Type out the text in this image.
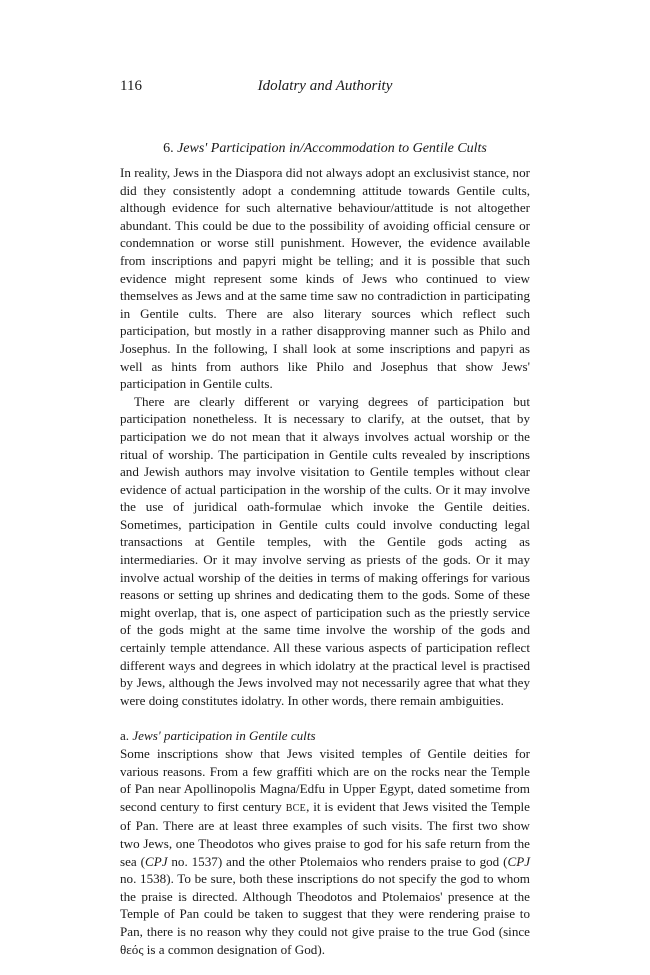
116	Idolatry and Authority
6. Jews' Participation in/Accommodation to Gentile Cults

In reality, Jews in the Diaspora did not always adopt an exclusivist stance, nor did they consistently adopt a condemning attitude towards Gentile cults, although evidence for such alternative behaviour/attitude is not altogether abundant. This could be due to the possibility of avoiding official censure or condemnation or worse still punishment. However, the evidence available from inscriptions and papyri might be telling; and it is possible that such evidence might represent some kinds of Jews who continued to view themselves as Jews and at the same time saw no contradiction in participating in Gentile cults. There are also literary sources which reflect such participation, but mostly in a rather disapproving manner such as Philo and Josephus. In the following, I shall look at some inscriptions and papyri as well as hints from authors like Philo and Josephus that show Jews' participation in Gentile cults.

There are clearly different or varying degrees of participation but participation nonetheless. It is necessary to clarify, at the outset, that by participation we do not mean that it always involves actual worship or the ritual of worship. The participation in Gentile cults revealed by inscriptions and Jewish authors may involve visitation to Gentile temples without clear evidence of actual participation in the worship of the cults. Or it may involve the use of juridical oath-formulae which invoke the Gentile deities. Sometimes, participation in Gentile cults could involve conducting legal transactions at Gentile temples, with the Gentile gods acting as intermediaries. Or it may involve serving as priests of the gods. Or it may involve actual worship of the deities in terms of making offerings for various reasons or setting up shrines and dedicating them to the gods. Some of these might overlap, that is, one aspect of participation such as the priestly service of the gods might at the same time involve the worship of the gods and certainly temple attendance. All these various aspects of participation reflect different ways and degrees in which idolatry at the practical level is practised by Jews, although the Jews involved may not necessarily agree that what they were doing constitutes idolatry. In other words, there remain ambiguities.

a. Jews' participation in Gentile cults

Some inscriptions show that Jews visited temples of Gentile deities for various reasons. From a few graffiti which are on the rocks near the Temple of Pan near Apollinopolis Magna/Edfu in Upper Egypt, dated sometime from second century to first century BCE, it is evident that Jews visited the Temple of Pan. There are at least three examples of such visits. The first two show two Jews, one Theodotos who gives praise to god for his safe return from the sea (CPJ no. 1537) and the other Ptolemaios who renders praise to god (CPJ no. 1538). To be sure, both these inscriptions do not specify the god to whom the praise is directed. Although Theodotos and Ptolemaios' presence at the Temple of Pan could be taken to suggest that they were rendering praise to Pan, there is no reason why they could not give praise to the true God (since θεός is a common designation of God).
